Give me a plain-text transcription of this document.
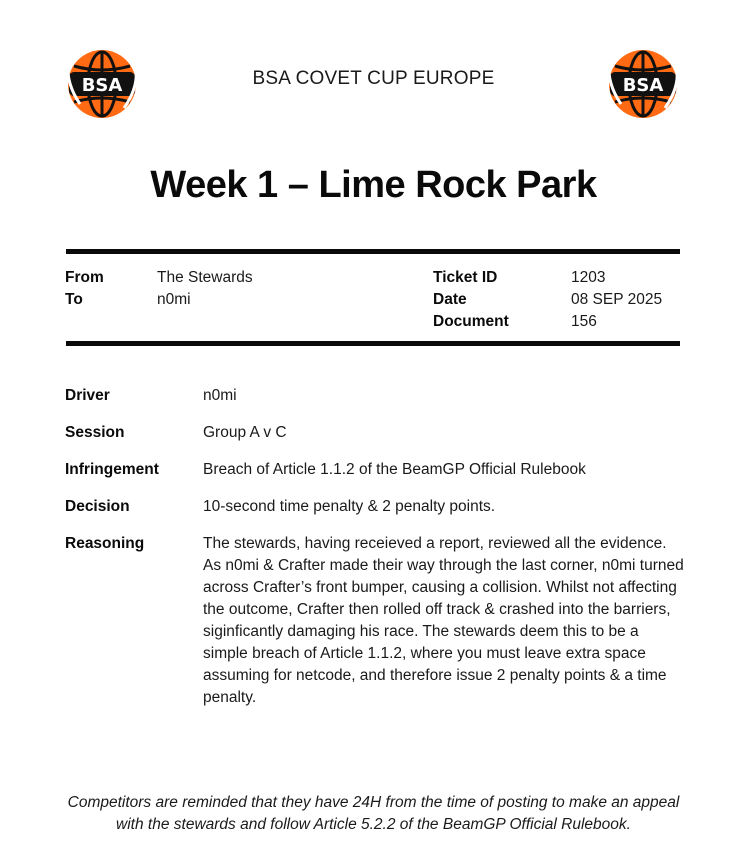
BSA	BSA COVET CUP EUROPE	BSA
Week 1 – Lime Rock Park
From	The Stewards
To	n0mi
Ticket ID	1203
Date	08 SEP 2025
Document	156
Driver	n0mi
Session	Group A v C
Infringement	Breach of Article 1.1.2 of the BeamGP Official Rulebook
Decision	10-second time penalty & 2 penalty points.
Reasoning	The stewards, having receieved a report, reviewed all the evidence. As n0mi & Crafter made their way through the last corner, n0mi turned across Crafter’s front bumper, causing a collision. Whilst not affecting the outcome, Crafter then rolled off track & crashed into the barriers, siginficantly damaging his race. The stewards deem this to be a simple breach of Article 1.1.2, where you must leave extra space assuming for netcode, and therefore issue 2 penalty points & a time penalty.
Competitors are reminded that they have 24H from the time of posting to make an appeal with the stewards and follow Article 5.2.2 of the BeamGP Official Rulebook.
